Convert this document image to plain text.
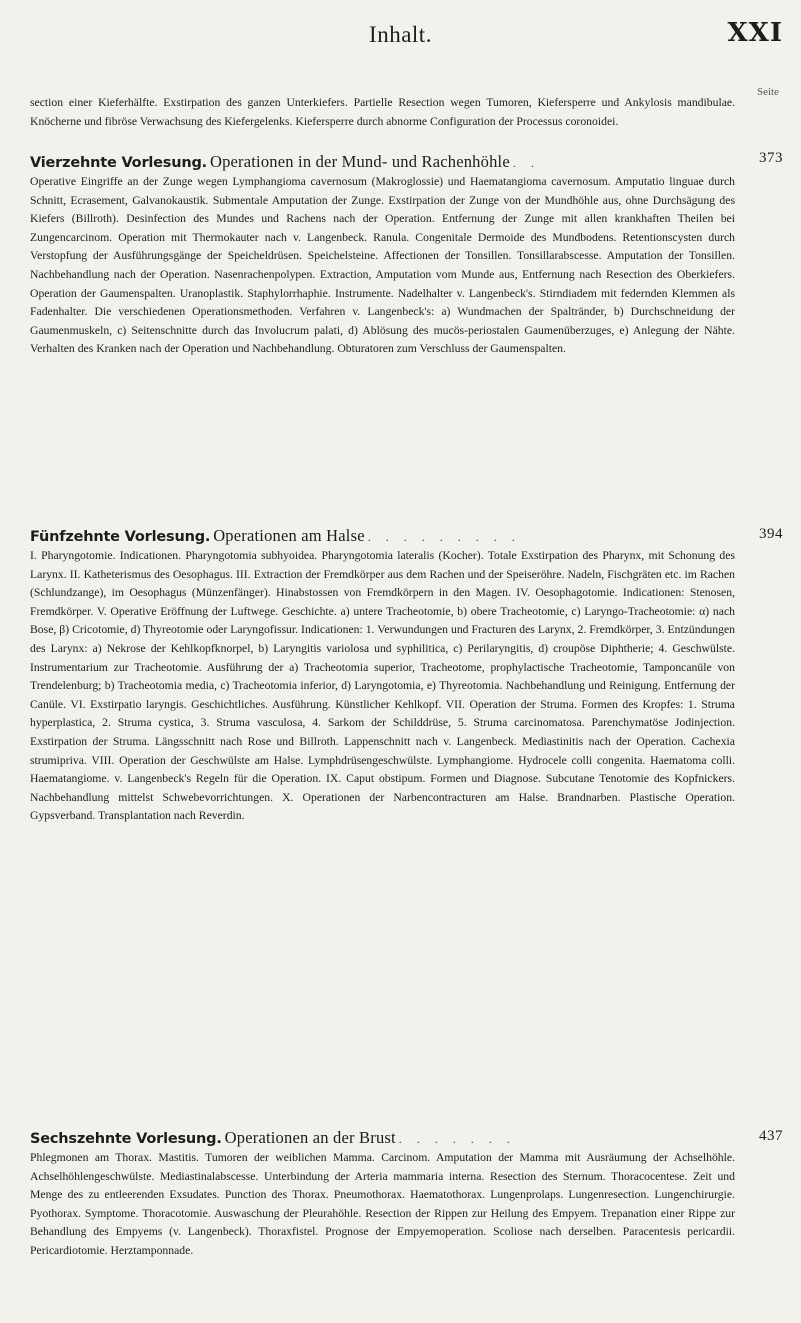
Inhalt.	XXI
Seite

section einer Kieferhälfte. Exstirpation des ganzen Unterkiefers. Partielle Resection wegen Tumoren, Kiefersperre und Ankylosis mandibulae. Knöcherne und fibröse Verwachsung des Kiefergelenks. Kiefersperre durch abnorme Configuration der Processus coronoidei.

Vierzehnte Vorlesung. Operationen in der Mund- und Rachenhöhle . .

Operative Eingriffe an der Zunge wegen Lymphangioma cavernosum (Makroglossie) und Haematangioma cavernosum. Amputatio linguae durch Schnitt, Ecrasement, Galvanokaustik. Submentale Amputation der Zunge. Exstirpation der Zunge von der Mundhöhle aus, ohne Durchsägung des Kiefers (Billroth). Desinfection des Mundes und Rachens nach der Operation. Entfernung der Zunge mit allen krankhaften Theilen bei Zungencarcinom. Operation mit Thermokauter nach v. Langenbeck. Ranula. Congenitale Dermoide des Mundbodens. Retentionscysten durch Verstopfung der Ausführungsgänge der Speicheldrüsen. Speichelsteine. Affectionen der Tonsillen. Tonsillarabscesse. Amputation der Tonsillen. Nachbehandlung nach der Operation. Nasenrachenpolypen. Extraction, Amputation vom Munde aus, Entfernung nach Resection des Oberkiefers. Operation der Gaumenspalten. Uranoplastik. Staphylorrhaphie. Instrumente. Nadelhalter v. Langenbeck's. Stirndiadem mit federnden Klemmen als Fadenhalter. Die verschiedenen Operationsmethoden. Verfahren v. Langenbeck's: a) Wundmachen der Spaltränder, b) Durchschneidung der Gaumenmuskeln, c) Seitenschnitte durch das Involucrum palati, d) Ablösung des mucös-periostalen Gaumenüberzuges, e) Anlegung der Nähte. Verhalten des Kranken nach der Operation und Nachbehandlung. Obturatoren zum Verschluss der Gaumenspalten.

373

Fünfzehnte Vorlesung. Operationen am Halse . . . . . . . . .

I. Pharyngotomie. Indicationen. Pharyngotomia subhyoidea. Pharyngotomia lateralis (Kocher). Totale Exstirpation des Pharynx, mit Schonung des Larynx. II. Katheterismus des Oesophagus. III. Extraction der Fremdkörper aus dem Rachen und der Speiseröhre. Nadeln, Fischgräten etc. im Rachen (Schlundzange), im Oesophagus (Münzenfänger). Hinabstossen von Fremdkörpern in den Magen. IV. Oesophagotomie. Indicationen: Stenosen, Fremdkörper. V. Operative Eröffnung der Luftwege. Geschichte. a) untere Tracheotomie, b) obere Tracheotomie, c) Laryngo-Tracheotomie: α) nach Bose, β) Cricotomie, d) Thyreotomie oder Laryngofissur. Indicationen: 1. Verwundungen und Fracturen des Larynx, 2. Fremdkörper, 3. Entzündungen des Larynx: a) Nekrose der Kehlkopfknorpel, b) Laryngitis variolosa und syphilitica, c) Perilaryngitis, d) croupöse Diphtherie; 4. Geschwülste. Instrumentarium zur Tracheotomie. Ausführung der a) Tracheotomia superior, Tracheotome, prophylactische Tracheotomie, Tamponcanüle von Trendelenburg; b) Tracheotomia media, c) Tracheotomia inferior, d) Laryngotomia, e) Thyreotomia. Nachbehandlung und Reinigung. Entfernung der Canüle. VI. Exstirpatio laryngis. Geschichtliches. Ausführung. Künstlicher Kehlkopf. VII. Operation der Struma. Formen des Kropfes: 1. Struma hyperplastica, 2. Struma cystica, 3. Struma vasculosa, 4. Sarkom der Schilddrüse, 5. Struma carcinomatosa. Parenchymatöse Jodinjection. Exstirpation der Struma. Längsschnitt nach Rose und Billroth. Lappenschnitt nach v. Langenbeck. Mediastinitis nach der Operation. Cachexia strumipriva. VIII. Operation der Geschwülste am Halse. Lymphdrüsengeschwülste. Lymphangiome. Hydrocele colli congenita. Haematoma colli. Haematangiome. v. Langenbeck's Regeln für die Operation. IX. Caput obstipum. Formen und Diagnose. Subcutane Tenotomie des Kopfnickers. Nachbehandlung mittelst Schwebevorrichtungen. X. Operationen der Narbencontracturen am Halse. Brandnarben. Plastische Operation. Gypsverband. Transplantation nach Reverdin.

394

Sechszehnte Vorlesung. Operationen an der Brust . . . . . . .

Phlegmonen am Thorax. Mastitis. Tumoren der weiblichen Mamma. Carcinom. Amputation der Mamma mit Ausräumung der Achselhöhle. Achselhöhlengeschwülste. Mediastinalabscesse. Unterbindung der Arteria mammaria interna. Resection des Sternum. Thoracocentese. Zeit und Menge des zu entleerenden Exsudates. Punction des Thorax. Pneumothorax. Haematothorax. Lungenprolaps. Lungenresection. Lungenchirurgie. Pyothorax. Symptome. Thoracotomie. Auswaschung der Pleurahöhle. Resection der Rippen zur Heilung des Empyem. Trepanation einer Rippe zur Behandlung des Empyems (v. Langenbeck). Thoraxfistel. Prognose der Empyemoperation. Scoliose nach derselben. Paracentesis pericardii. Pericardiotomie. Herztamponnade.

437
